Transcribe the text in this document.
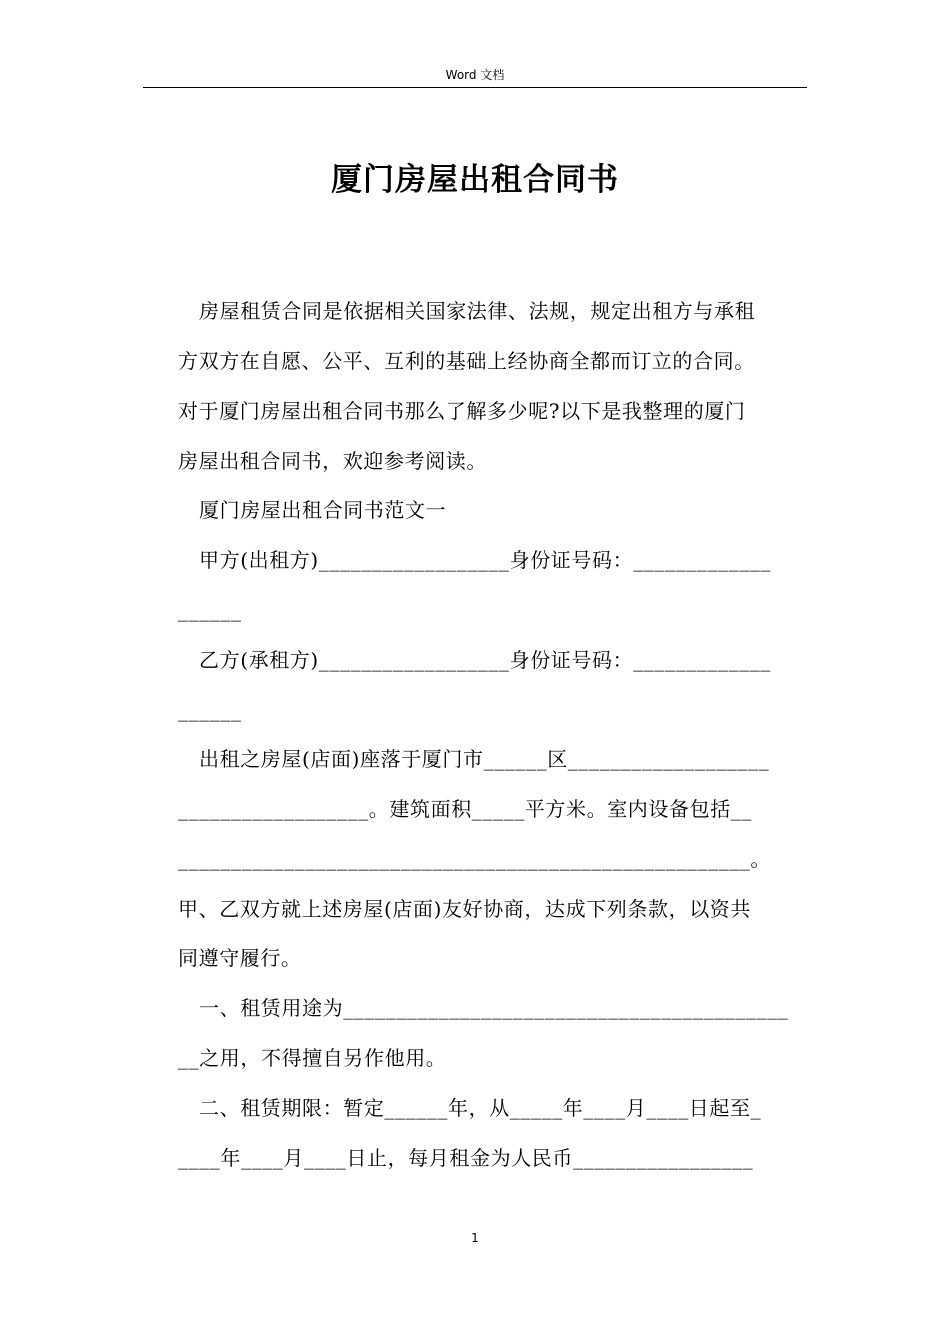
Word 文档
厦门房屋出租合同书
房屋租赁合同是依据相关国家法律、法规，规定出租方与承租
方双方在自愿、公平、互利的基础上经协商全都而订立的合同。
对于厦门房屋出租合同书那么了解多少呢?以下是我整理的厦门
房屋出租合同书，欢迎参考阅读。
厦门房屋出租合同书范文一
甲方(出租方)__________________身份证号码：_____________
______
乙方(承租方)__________________身份证号码：_____________
______
出租之房屋(店面)座落于厦门市______区___________________
__________________。建筑面积_____平方米。室内设备包括__
______________________________________________________。
甲、乙双方就上述房屋(店面)友好协商，达成下列条款，以资共
同遵守履行。
一、租赁用途为__________________________________________
__之用，不得擅自另作他用。
二、租赁期限：暂定______年，从_____年____月____日起至_
____年____月____日止，每月租金为人民币_________________
1
